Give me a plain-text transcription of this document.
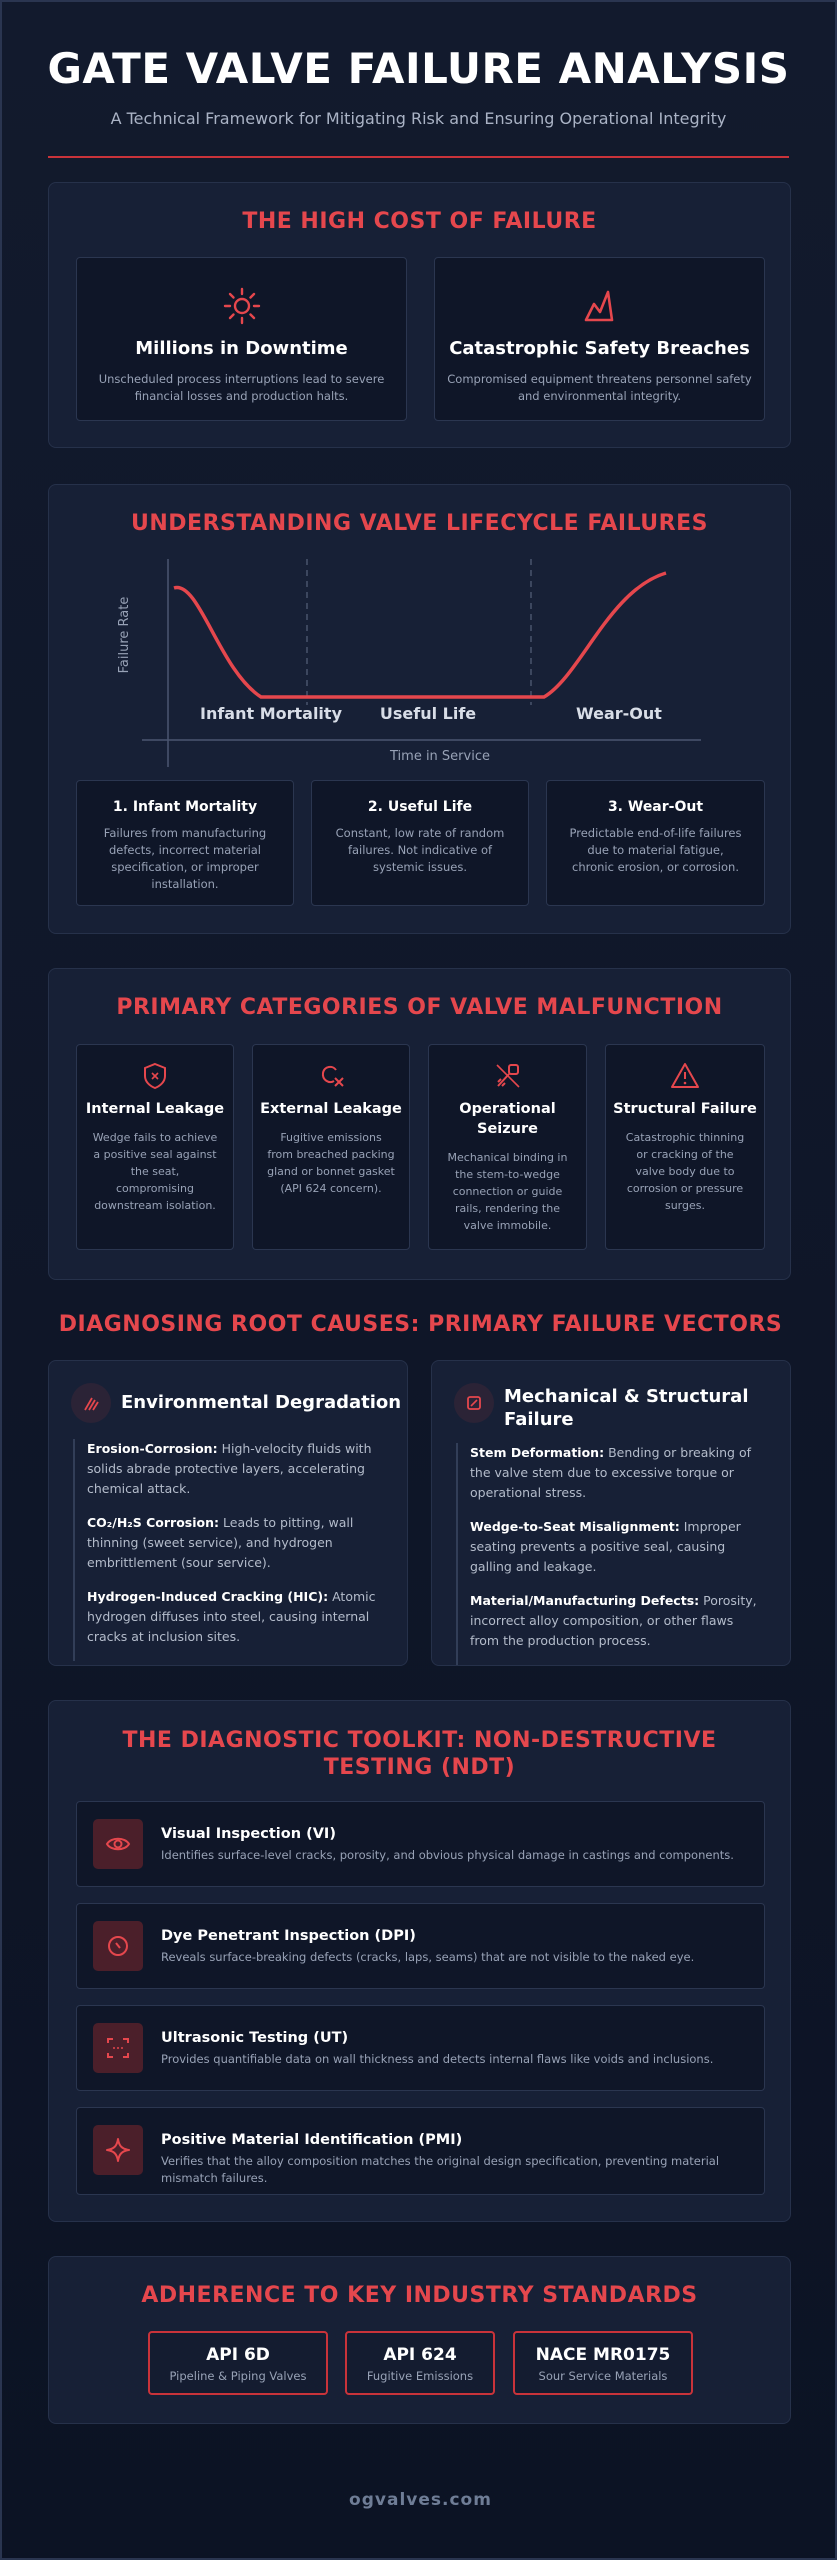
GATE VALVE FAILURE ANALYSIS
A Technical Framework for Mitigating Risk and Ensuring Operational Integrity
THE HIGH COST OF FAILURE
Millions in Downtime
Unscheduled process interruptions lead to severe financial losses and production halts.
Catastrophic Safety Breaches
Compromised equipment threatens personnel safety and environmental integrity.
UNDERSTANDING VALVE LIFECYCLE FAILURES
Failure Rate
Time in Service
Infant Mortality Useful Life	Wear-Out
1. Infant Mortality
Failures from manufacturing defects, incorrect material specification, or improper installation.
2. Useful Life
Constant, low rate of random failures. Not indicative of systemic issues.
3. Wear-Out
Predictable end-of-life failures due to material fatigue, chronic erosion, or corrosion.
PRIMARY CATEGORIES OF VALVE MALFUNCTION
Internal Leakage
Wedge fails to achieve a positive seal against the seat, compromising downstream isolation.
External Leakage
Fugitive emissions from breached packing gland or bonnet gasket (API 624 concern).
Operational Seizure
Mechanical binding in the stem-to-wedge connection or guide rails, rendering the valve immobile.
Structural Failure
Catastrophic thinning or cracking of the valve body due to corrosion or pressure surges.
DIAGNOSING ROOT CAUSES: PRIMARY FAILURE VECTORS
Environmental Degradation
Erosion-Corrosion: High-velocity fluids with solids abrade protective layers, accelerating chemical attack.
CO₂/H₂S Corrosion: Leads to pitting, wall thinning (sweet service), and hydrogen embrittlement (sour service).
Hydrogen-Induced Cracking (HIC): Atomic hydrogen diffuses into steel, causing internal cracks at inclusion sites.
Mechanical & Structural Failure
Stem Deformation: Bending or breaking of the valve stem due to excessive torque or operational stress.
Wedge-to-Seat Misalignment: Improper seating prevents a positive seal, causing galling and leakage.
Material/Manufacturing Defects: Porosity, incorrect alloy composition, or other flaws from the production process.
THE DIAGNOSTIC TOOLKIT: NON-DESTRUCTIVE TESTING (NDT)
Visual Inspection (VI)
Identifies surface-level cracks, porosity, and obvious physical damage in castings and components.
Dye Penetrant Inspection (DPI)
Reveals surface-breaking defects (cracks, laps, seams) that are not visible to the naked eye.
Ultrasonic Testing (UT)
Provides quantifiable data on wall thickness and detects internal flaws like voids and inclusions.
Positive Material Identification (PMI)
Verifies that the alloy composition matches the original design specification, preventing material mismatch failures.
ADHERENCE TO KEY INDUSTRY STANDARDS
API 6D
Pipeline & Piping Valves
API 624
Fugitive Emissions
NACE MR0175
Sour Service Materials
ogvalves.com
